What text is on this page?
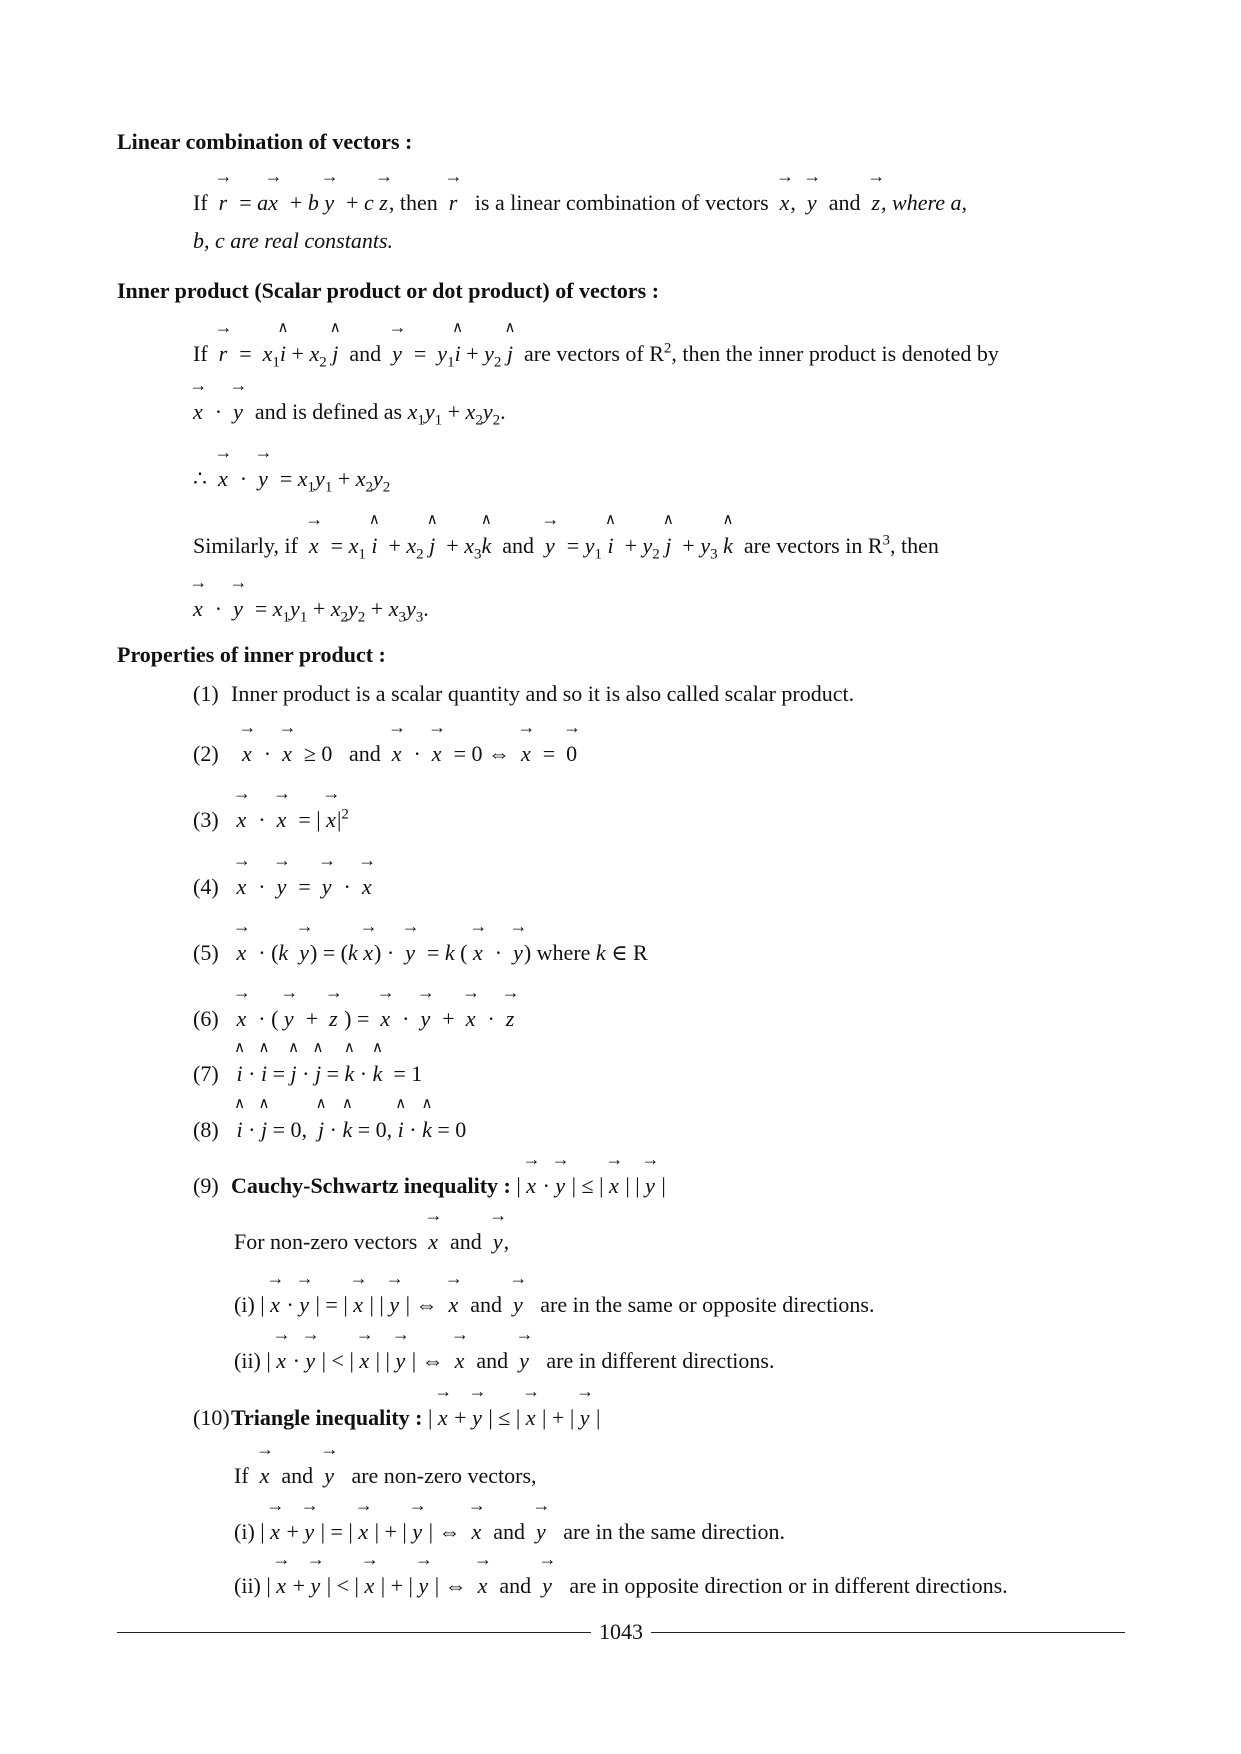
Linear combination of vectors :
If → r  = a→ x  + b → y  + c → z, then → r is a linear combination of vectors → x,  → y and → z, where a,
b, c are real constants.
Inner product (Scalar product or dot product) of vectors :
$If \to r = x_1\wedge$ $i + x_2$ ∧ j and → $y = y_1\wedge$ $i + y_2$ ∧ j are vectors of $R^2$, then the inner product is denoted by
→ x  ·  → y and is defined as $x_1y_1 + x_2y_2$.
∴  → x  ·  → $y = x_1y_1 + x_2y_2$
Similarly, if → $x = x_1$ ∧ $i + x_2$ ∧ $j + x_3\wedge$ k and → $y = y_1$ ∧ $i + y_2$ ∧ $j + y_3$ ∧ k are vectors in $R^3$, then
→ x  ·  → $y = x_1y_1 + x_2y_2 + x_3y_3$.
Properties of inner product :
(1) Inner product is a scalar quantity and so it is also called scalar product.
(2) → x  ·  → x  ≥ 0   and → x  ·  → x  = 0 ⇔  → x  =  → 0
(3) → x  ·  → x  = | → $x|^2$
(4) → x  ·  → y  =  → y  ·  → x
(5) → x  · (k → y) = (k → x) ·  → y  = k ( → x  ·  → y) where k ∈ R
(6) → x  · ( → y  +  → z ) =  → x  ·  → y  +  → x  ·  → z
(7) ∧ i · ∧ i = ∧ j · ∧ j = ∧ k · ∧ k  = 1
(8) ∧ i · ∧ j = 0,  ∧ j · ∧ k = 0, ∧ i · ∧ k = 0
(9) Cauchy-Schwartz inequality : | → x · → y | ≤ | → x | | → y |
For non-zero vectors → x and → y,
(i) | → x · → y | = | → x | | → y | ⇔  → x  and  → y are in the same or opposite directions.
(ii) | → x · → y | < | → x | | → y | ⇔  → x  and  → y are in different directions.
(10)Triangle inequality : | → x + → y | ≤ | → x | + | → y |
If → x  and  → y are non-zero vectors,
(i) | → x + → y | = | → x | + | → y | ⇔  → x  and  → y are in the same direction.
(ii) | → x + → y | < | → x | + | → y | ⇔  → x  and  → y are in opposite direction or in different directions.
1043
